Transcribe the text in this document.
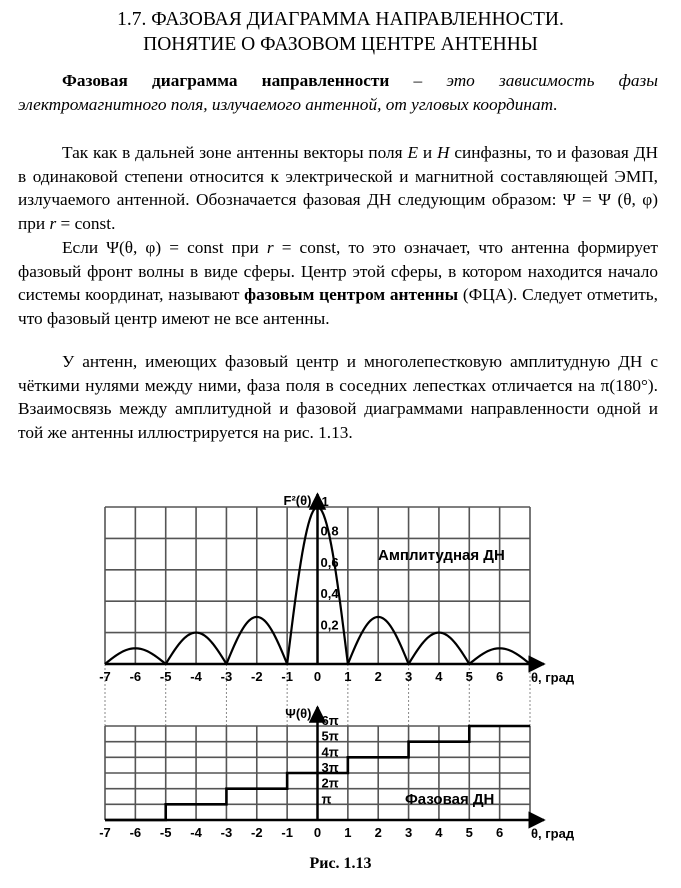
1.7. ФАЗОВАЯ ДИАГРАММА НАПРАВЛЕННОСТИ.
ПОНЯТИЕ О ФАЗОВОМ ЦЕНТРЕ АНТЕННЫ
Фазовая диаграмма направленности – это зависимость фазы электромагнитного поля, излучаемого антенной, от угловых координат.
Так как в дальней зоне антенны векторы поля E и H синфазны, то и фазовая ДН в одинаковой степени относится к электрической и магнитной составляющей ЭМП, излучаемого антенной. Обозначается фазовая ДН следующим образом: Ψ = Ψ (θ, φ) при r = const.
Если Ψ(θ, φ) = const при r = const, то это означает, что антенна формирует фазовый фронт волны в виде сферы. Центр этой сферы, в котором находится начало системы координат, называют фазовым центром антенны (ФЦА). Следует отметить, что фазовый центр имеют не все антенны.
У антенн, имеющих фазовый центр и многолепестковую амплитудную ДН с чёткими нулями между ними, фаза поля в соседних лепестках отличается на π(180°). Взаимосвязь между амплитудной и фазовой диаграммами направленности одной и той же антенны иллюстрируется на рис. 1.13.
-7 -6 -5 -4 -3 -2 -1 0 1 2 3 4 5 6
0,2
0,4
0,6
0,8
1
F²(θ)
θ, град
Амплитудная ДН
-7 -6 -5 -4 -3 -2 -1 0 1 2 3 4 5 6
π
2π
3π
4π
5π
6π
Ψ(θ)
θ, град
Фазовая ДН
Рис. 1.13
